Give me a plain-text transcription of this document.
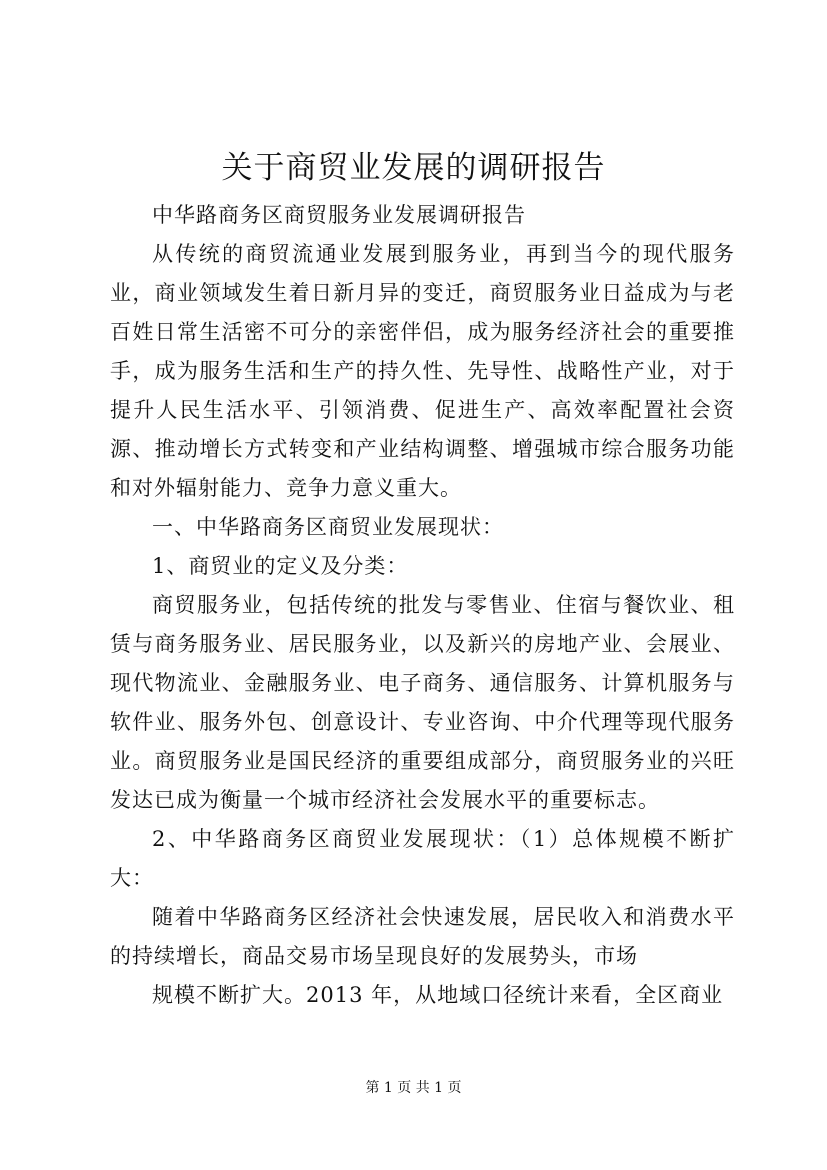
关于商贸业发展的调研报告

中华路商务区商贸服务业发展调研报告

从传统的商贸流通业发展到服务业，再到当今的现代服务业，商业领域发生着日新月异的变迁，商贸服务业日益成为与老百姓日常生活密不可分的亲密伴侣，成为服务经济社会的重要推手，成为服务生活和生产的持久性、先导性、战略性产业，对于提升人民生活水平、引领消费、促进生产、高效率配置社会资源、推动增长方式转变和产业结构调整、增强城市综合服务功能和对外辐射能力、竞争力意义重大。

一、中华路商务区商贸业发展现状：

1、商贸业的定义及分类：

商贸服务业，包括传统的批发与零售业、住宿与餐饮业、租赁与商务服务业、居民服务业，以及新兴的房地产业、会展业、现代物流业、金融服务业、电子商务、通信服务、计算机服务与软件业、服务外包、创意设计、专业咨询、中介代理等现代服务业。商贸服务业是国民经济的重要组成部分，商贸服务业的兴旺发达已成为衡量一个城市经济社会发展水平的重要标志。

2、中华路商务区商贸业发展现状：（1）总体规模不断扩大：

随着中华路商务区经济社会快速发展，居民收入和消费水平的持续增长，商品交易市场呈现良好的发展势头，市场

规模不断扩大。2013 年，从地域口径统计来看，全区商业

第 1 页 共 1 页
